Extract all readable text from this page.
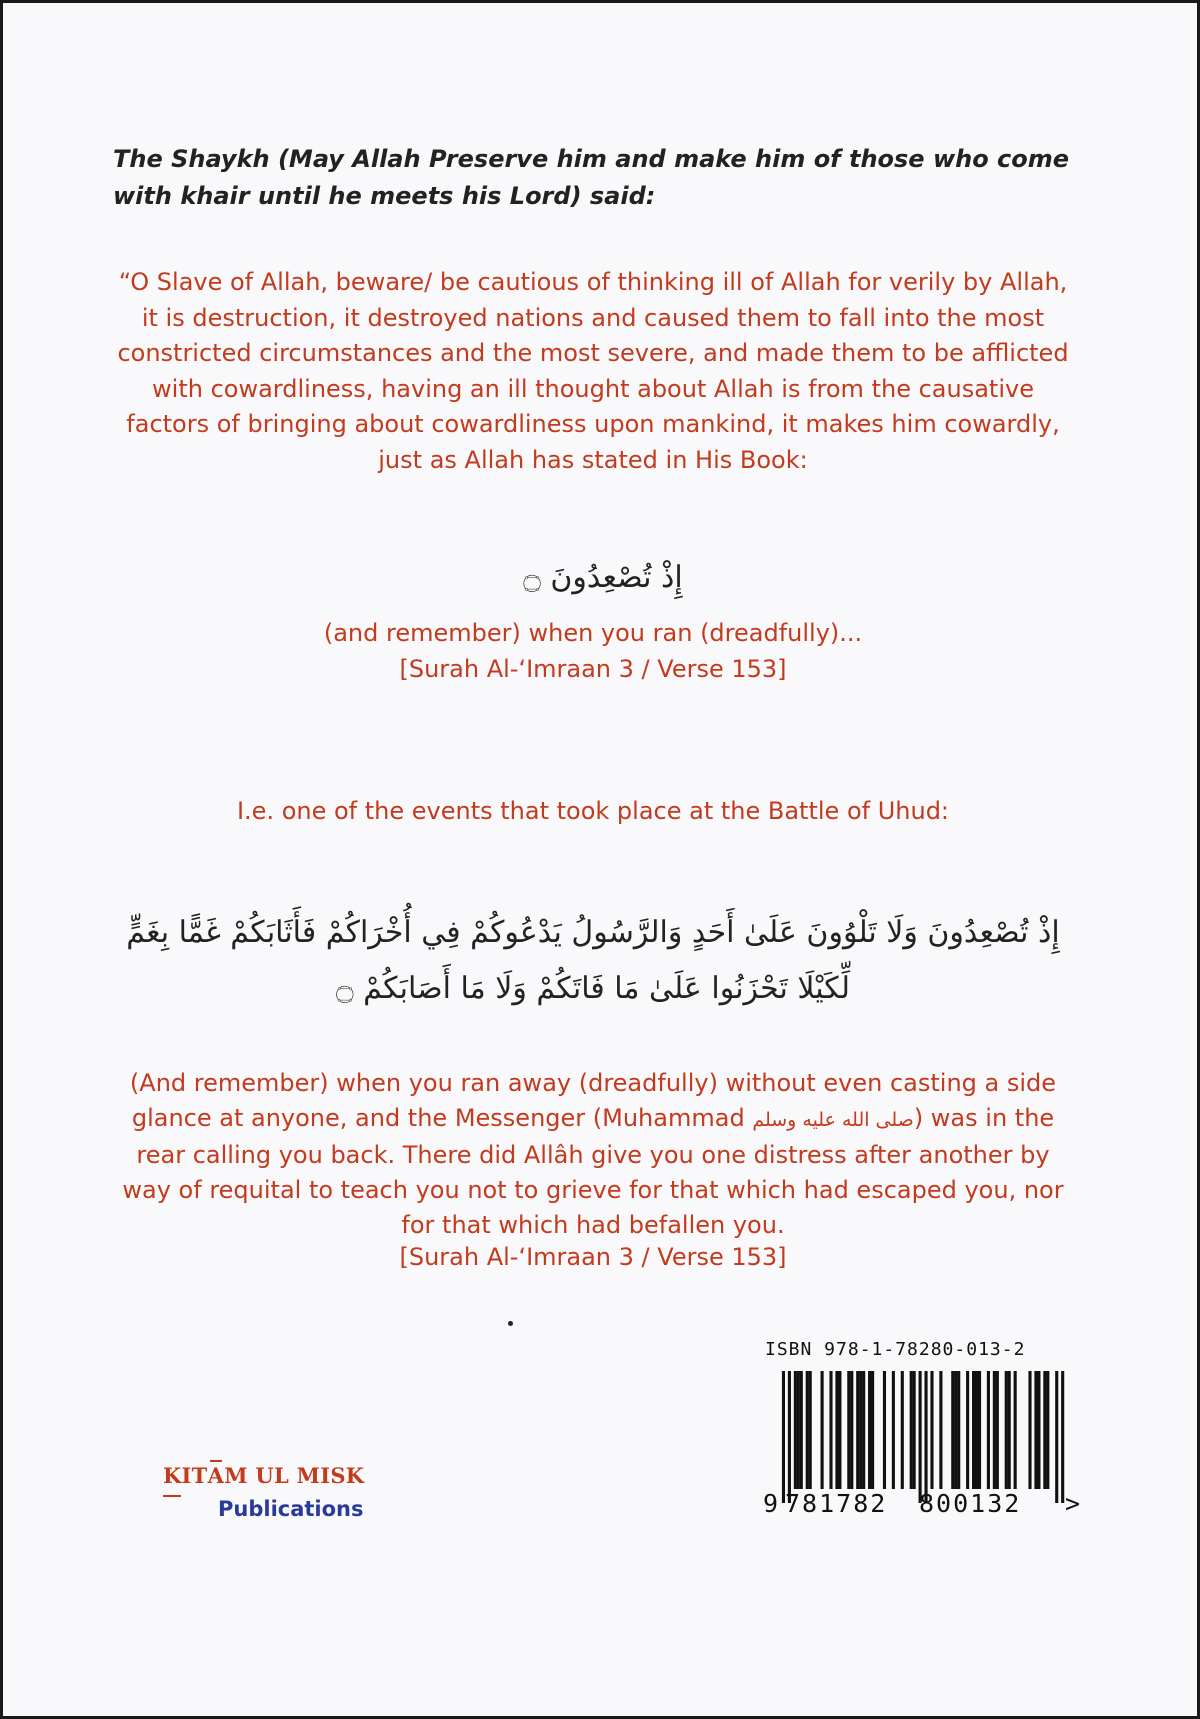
The Shaykh (May Allah Preserve him and make him of those who come with khair until he meets his Lord) said:
“O Slave of Allah, beware/ be cautious of thinking ill of Allah for verily by Allah, it is destruction, it destroyed nations and caused them to fall into the most constricted circumstances and the most severe, and made them to be afflicted with cowardliness, having an ill thought about Allah is from the causative factors of bringing about cowardliness upon mankind, it makes him cowardly, just as Allah has stated in His Book:
إِذْ تُصْعِدُونَ ۝
(and remember) when you ran (dreadfully)...
[Surah Al-‘Imraan 3 / Verse 153]
I.e. one of the events that took place at the Battle of Uhud:
إِذْ تُصْعِدُونَ وَلَا تَلْوُونَ عَلَىٰ أَحَدٍ وَالرَّسُولُ يَدْعُوكُمْ فِي أُخْرَاكُمْ فَأَثَابَكُمْ غَمًّا بِغَمٍّ لِّكَيْلَا تَحْزَنُوا عَلَىٰ مَا فَاتَكُمْ وَلَا مَا أَصَابَكُمْ ۝
(And remember) when you ran away (dreadfully) without even casting a side glance at anyone, and the Messenger (Muhammad صلى الله عليه وسلم) was in the rear calling you back. There did Allâh give you one distress after another by way of requital to teach you not to grieve for that which had escaped you, nor for that which had befallen you.
[Surah Al-‘Imraan 3 / Verse 153]
KITAM UL MISK
Publications
ISBN 978-1-78280-013-2
9 781782 800132 >
